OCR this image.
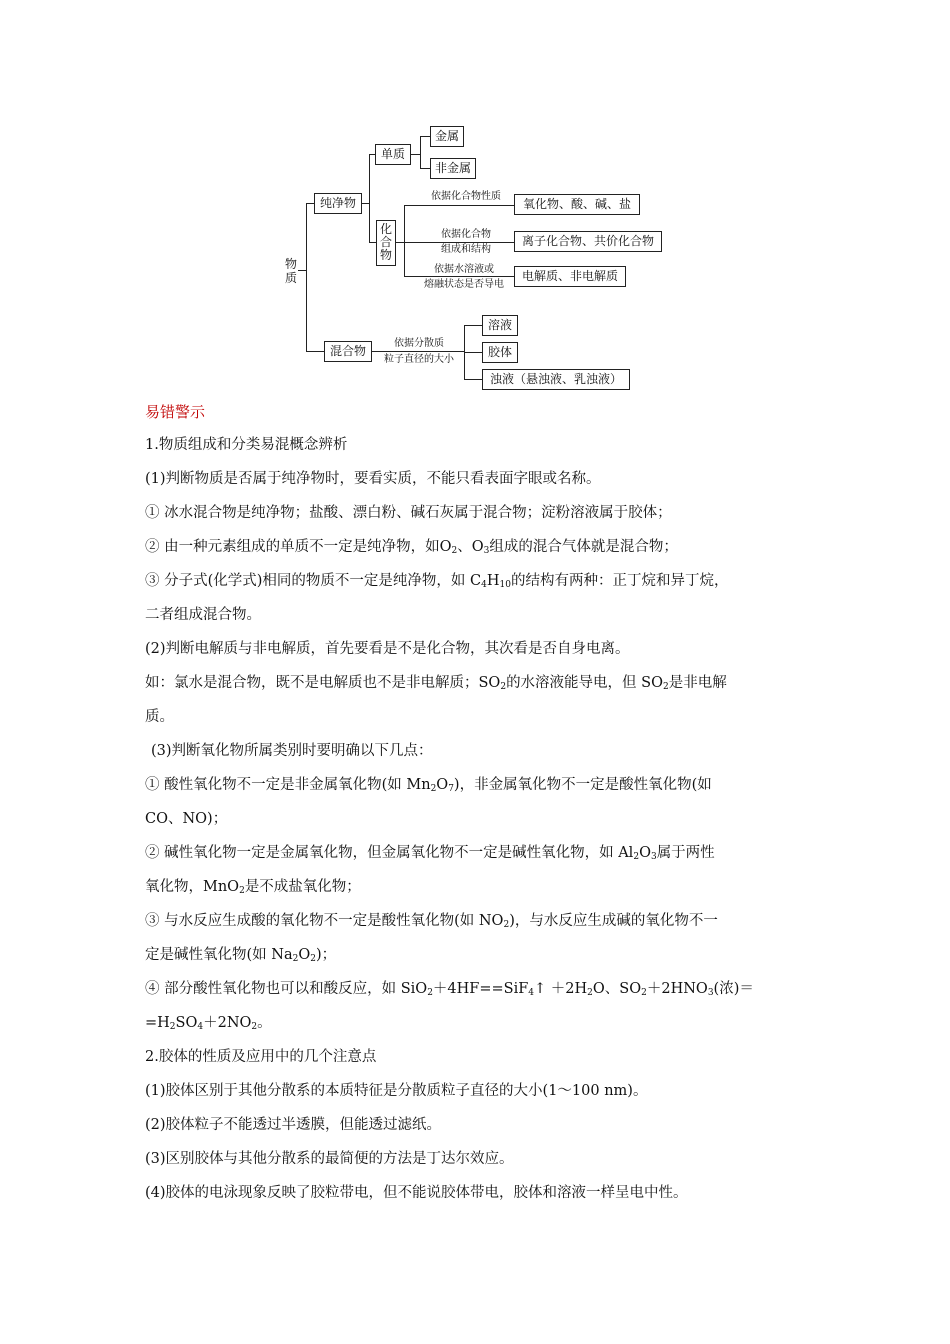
物
质
纯净物
单质
金属
非金属
化
合
物
依据化合物性质
依据化合物
组成和结构
依据水溶液或
熔融状态是否导电
氧化物、酸、碱、盐
离子化合物、共价化合物
电解质、非电解质
混合物
依据分散质
粒子直径的大小
溶液
胶体
浊液（悬浊液、乳浊液）
易错警示

1.物质组成和分类易混概念辨析

(1)判断物质是否属于纯净物时，要看实质，不能只看表面字眼或名称。

① 冰水混合物是纯净物；盐酸、漂白粉、碱石灰属于混合物；淀粉溶液属于胶体；

② 由一种元素组成的单质不一定是纯净物，如$O_2$、$O_3$组成的混合气体就是混合物；

③ 分子式(化学式)相同的物质不一定是纯净物，如 $C_4H_{10}$的结构有两种：正丁烷和异丁烷，

二者组成混合物。

(2)判断电解质与非电解质，首先要看是不是化合物，其次看是否自身电离。

如：氯水是混合物，既不是电解质也不是非电解质；$SO_2$的水溶液能导电，但 $SO_2$是非电解

质。

(3)判断氧化物所属类别时要明确以下几点：

① 酸性氧化物不一定是非金属氧化物(如 $Mn_2O_7$)，非金属氧化物不一定是酸性氧化物(如

CO、NO)；

② 碱性氧化物一定是金属氧化物，但金属氧化物不一定是碱性氧化物，如 $Al_2O_3$属于两性

氧化物，MnO$_2$是不成盐氧化物；

③ 与水反应生成酸的氧化物不一定是酸性氧化物(如 $NO_2$)，与水反应生成碱的氧化物不一

定是碱性氧化物(如 $Na_2O_2$)；

④ 部分酸性氧化物也可以和酸反应，如 SiO$_2$＋4HF==SiF$_4$↑ $+2H_2O$、$SO_2+2HNO_3$(浓)＝

$=H_2SO_4+2NO_2$。

2.胶体的性质及应用中的几个注意点

(1)胶体区别于其他分散系的本质特征是分散质粒子直径的大小(1～100 nm)。

(2)胶体粒子不能透过半透膜，但能透过滤纸。

(3)区别胶体与其他分散系的最简便的方法是丁达尔效应。

(4)胶体的电泳现象反映了胶粒带电，但不能说胶体带电，胶体和溶液一样呈电中性。
